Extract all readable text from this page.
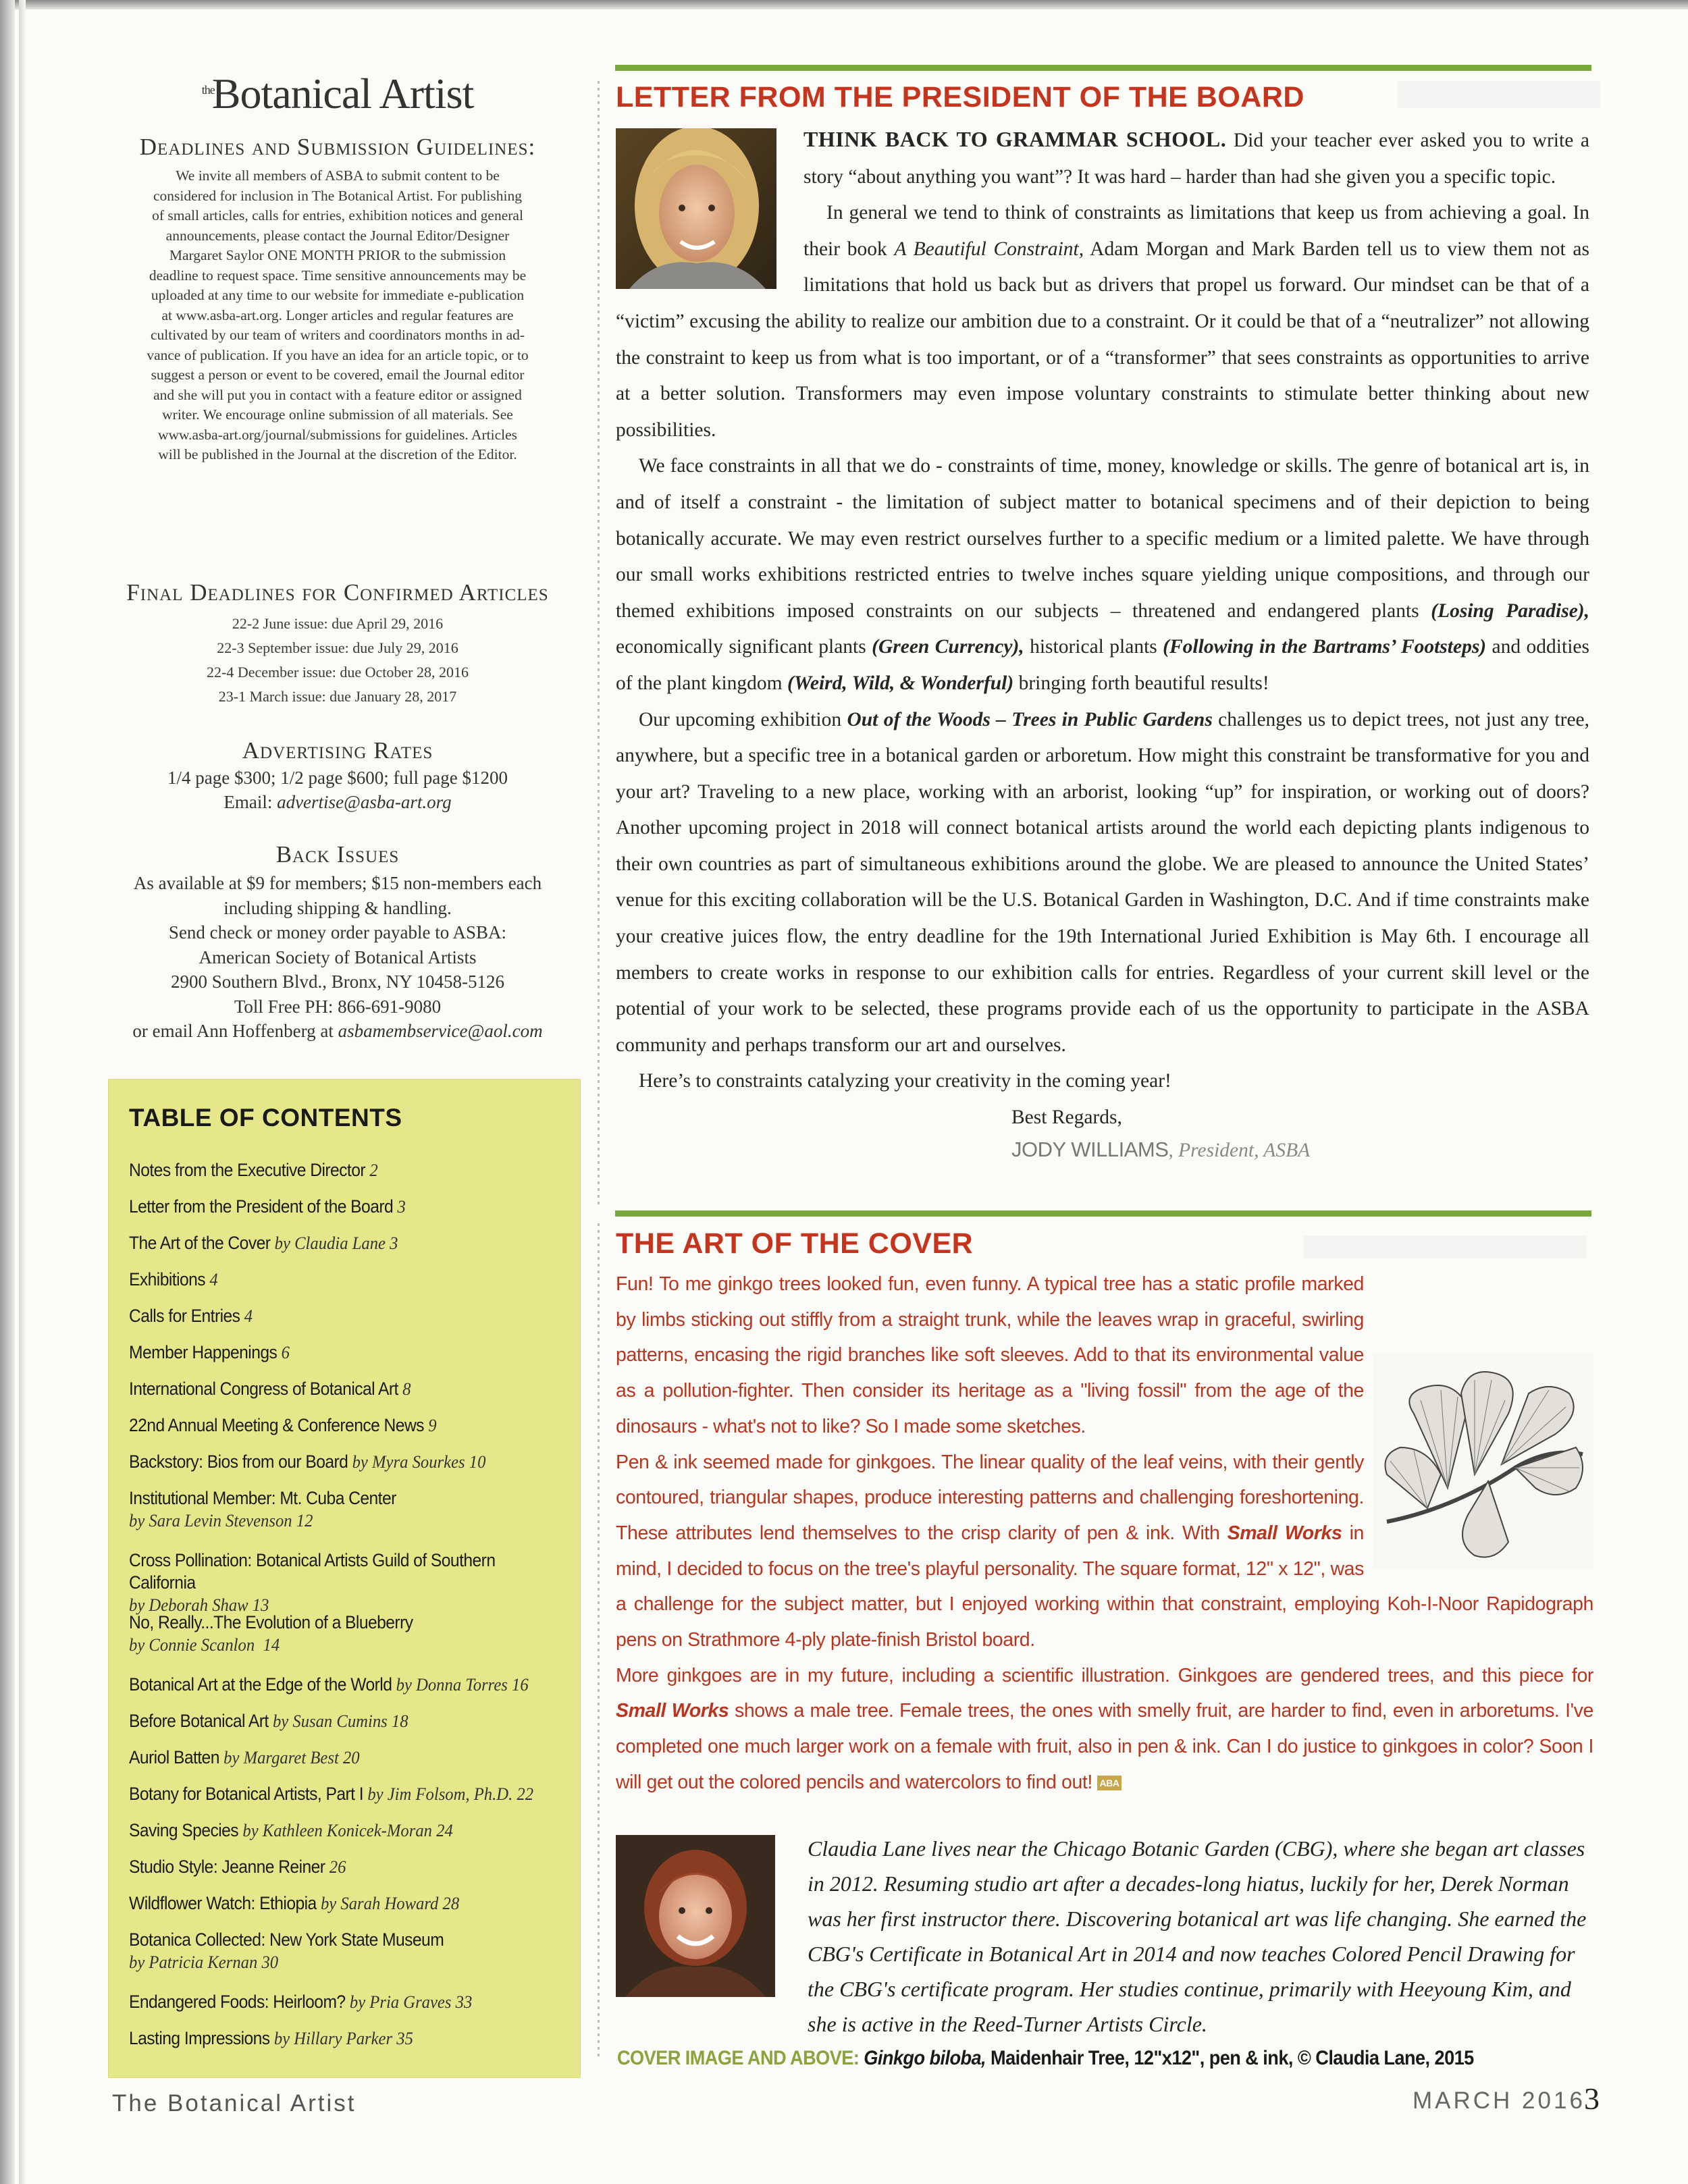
$^{the}$Botanical Artist
Deadlines and Submission Guidelines:
We invite all members of ASBA to submit content to be
considered for inclusion in The Botanical Artist. For publishing
of small articles, calls for entries, exhibition notices and general
announcements, please contact the Journal Editor/Designer
Margaret Saylor ONE MONTH PRIOR to the submission
deadline to request space. Time sensitive announcements may be
uploaded at any time to our website for immediate e-publication
at www.asba-art.org. Longer articles and regular features are
cultivated by our team of writers and coordinators months in ad-
vance of publication. If you have an idea for an article topic, or to
suggest a person or event to be covered, email the Journal editor
and she will put you in contact with a feature editor or assigned
writer. We encourage online submission of all materials. See
www.asba-art.org/journal/submissions for guidelines. Articles
will be published in the Journal at the discretion of the Editor.
Final Deadlines for Confirmed Articles
22-2 June issue: due April 29, 2016
22-3 September issue: due July 29, 2016
22-4 December issue: due October 28, 2016
23-1 March issue: due January 28, 2017
Advertising Rates
1/4 page $300; 1/2 page $600; full page $1200
Email: advertise@asba-art.org
Back Issues
As available at $9 for members; $15 non-members each
including shipping & handling.
Send check or money order payable to ASBA:
American Society of Botanical Artists
2900 Southern Blvd., Bronx, NY 10458-5126
Toll Free PH: 866-691-9080
or email Ann Hoffenberg at asbamembservice@aol.com
TABLE OF CONTENTS
Notes from the Executive Director 2
Letter from the President of the Board 3
The Art of the Cover by Claudia Lane 3
Exhibitions 4
Calls for Entries 4
Member Happenings 6
International Congress of Botanical Art 8
22nd Annual Meeting & Conference News 9
Backstory: Bios from our Board by Myra Sourkes 10
Institutional Member: Mt. Cuba Center
by Sara Levin Stevenson 12
Cross Pollination: Botanical Artists Guild of Southern California
by Deborah Shaw 13
No, Really...The Evolution of a Blueberry
by Connie Scanlon 14
Botanical Art at the Edge of the World by Donna Torres 16
Before Botanical Art by Susan Cumins 18
Auriol Batten by Margaret Best 20
Botany for Botanical Artists, Part I by Jim Folsom, Ph.D. 22
Saving Species by Kathleen Konicek-Moran 24
Studio Style: Jeanne Reiner 26
Wildflower Watch: Ethiopia by Sarah Howard 28
Botanica Collected: New York State Museum
by Patricia Kernan 30
Endangered Foods: Heirloom? by Pria Graves 33
Lasting Impressions by Hillary Parker 35
LETTER FROM THE PRESIDENT OF THE BOARD

THINK BACK TO GRAMMAR SCHOOL. Did your teacher ever asked you to write a story “about anything you want”? It was hard – harder than had she given you a specific topic.

In general we tend to think of constraints as limitations that keep us from achieving a goal. In their book A Beautiful Constraint, Adam Morgan and Mark Barden tell us to view them not as limitations that hold us back but as drivers that propel us forward. Our mindset can be that of a “victim” excusing the ability to realize our ambition due to a constraint. Or it could be that of a “neutralizer” not allowing the constraint to keep us from what is too important, or of a “transformer” that sees constraints as opportunities to arrive at a better solution. Transformers may even impose voluntary constraints to stimulate better thinking about new possibilities.

We face constraints in all that we do - constraints of time, money, knowledge or skills. The genre of botanical art is, in and of itself a constraint - the limitation of subject matter to botanical specimens and of their depiction to being botanically accurate. We may even restrict ourselves further to a specific medium or a limited palette. We have through our small works exhibitions restricted entries to twelve inches square yielding unique compositions, and through our themed exhibitions imposed constraints on our subjects – threatened and endangered plants (Losing Paradise), economically significant plants (Green Currency), historical plants (Following in the Bartrams’ Footsteps) and oddities of the plant kingdom (Weird, Wild, & Wonderful) bringing forth beautiful results!

Our upcoming exhibition Out of the Woods – Trees in Public Gardens challenges us to depict trees, not just any tree, anywhere, but a specific tree in a botanical garden or arboretum. How might this constraint be transformative for you and your art? Traveling to a new place, working with an arborist, looking “up” for inspiration, or working out of doors? Another upcoming project in 2018 will connect botanical artists around the world each depicting plants indigenous to their own countries as part of simultaneous exhibitions around the globe. We are pleased to announce the United States’ venue for this exciting collaboration will be the U.S. Botanical Garden in Washington, D.C. And if time constraints make your creative juices flow, the entry deadline for the 19th International Juried Exhibition is May 6th. I encourage all members to create works in response to our exhibition calls for entries. Regardless of your current skill level or the potential of your work to be selected, these programs provide each of us the opportunity to participate in the ASBA community and perhaps transform our art and ourselves.

Here’s to constraints catalyzing your creativity in the coming year!

Best Regards,

JODY WILLIAMS, President, ASBA

THE ART OF THE COVER

Fun! To me ginkgo trees looked fun, even funny. A typical tree has a static profile marked by limbs sticking out stiffly from a straight trunk, while the leaves wrap in graceful, swirling patterns, encasing the rigid branches like soft sleeves. Add to that its environmental value as a pollution-fighter. Then consider its heritage as a "living fossil" from the age of the dinosaurs - what's not to like? So I made some sketches.

Pen & ink seemed made for ginkgoes. The linear quality of the leaf veins, with their gently contoured, triangular shapes, produce interesting patterns and challenging foreshortening. These attributes lend themselves to the crisp clarity of pen & ink. With Small Works in mind, I decided to focus on the tree's playful personality. The square format, 12" x 12", was a challenge for the subject matter, but I enjoyed working within that constraint, employing Koh-I-Noor Rapidograph pens on Strathmore 4-ply plate-finish Bristol board.

More ginkgoes are in my future, including a scientific illustration. Ginkgoes are gendered trees, and this piece for Small Works shows a male tree. Female trees, the ones with smelly fruit, are harder to find, even in arboretums. I've completed one much larger work on a female with fruit, also in pen & ink. Can I do justice to ginkgoes in color? Soon I will get out the colored pencils and watercolors to find out! ABA

Claudia Lane lives near the Chicago Botanic Garden (CBG), where she began art classes in 2012. Resuming studio art after a decades-long hiatus, luckily for her, Derek Norman was her first instructor there. Discovering botanical art was life changing. She earned the CBG's Certificate in Botanical Art in 2014 and now teaches Colored Pencil Drawing for the CBG's certificate program. Her studies continue, primarily with Heeyoung Kim, and she is active in the Reed-Turner Artists Circle.
COVER IMAGE AND ABOVE: Ginkgo biloba, Maidenhair Tree, 12"x12", pen & ink, © Claudia Lane, 2015
The Botanical Artist	MARCH 2016
3
